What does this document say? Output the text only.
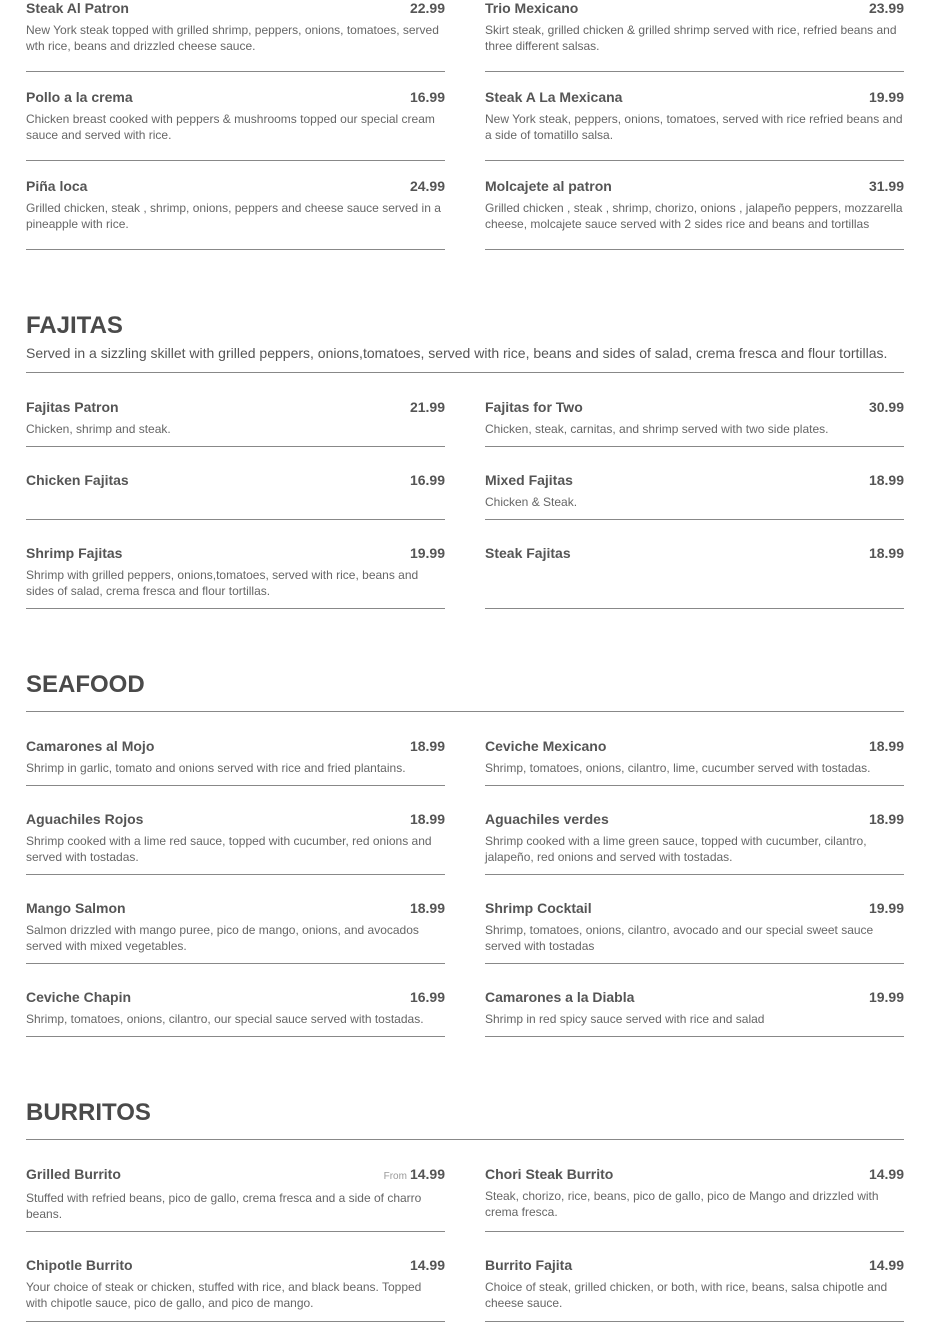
Steak Al Patron	22.99
New York steak topped with grilled shrimp, peppers, onions, tomatoes, served wth rice, beans and drizzled cheese sauce.
Trio Mexicano	23.99
Skirt steak, grilled chicken & grilled shrimp served with rice, refried beans and three different salsas.
Pollo a la crema	16.99
Chicken breast cooked with peppers & mushrooms topped our special cream sauce and served with rice.
Steak A La Mexicana	19.99
New York steak, peppers, onions, tomatoes, served with rice refried beans and a side of tomatillo salsa.
Piña loca	24.99
Grilled chicken, steak , shrimp, onions, peppers and cheese sauce served in a pineapple with rice.
Molcajete al patron	31.99
Grilled chicken , steak , shrimp, chorizo, onions , jalapeño peppers, mozzarella cheese, molcajete sauce served with 2 sides rice and beans and tortillas
FAJITAS
Served in a sizzling skillet with grilled peppers, onions,tomatoes, served with rice, beans and sides of salad, crema fresca and flour tortillas.
Fajitas Patron	21.99
Chicken, shrimp and steak.
Fajitas for Two	30.99
Chicken, steak, carnitas, and shrimp served with two side plates.
Chicken Fajitas	16.99	Mixed Fajitas	18.99
Chicken & Steak.
Shrimp Fajitas	19.99
Shrimp with grilled peppers, onions,tomatoes, served with rice, beans and sides of salad, crema fresca and flour tortillas.
Steak Fajitas	18.99
SEAFOOD
Camarones al Mojo	18.99
Shrimp in garlic, tomato and onions served with rice and fried plantains.
Ceviche Mexicano	18.99
Shrimp, tomatoes, onions, cilantro, lime, cucumber served with tostadas.
Aguachiles Rojos	18.99
Shrimp cooked with a lime red sauce, topped with cucumber, red onions and served with tostadas.
Aguachiles verdes	18.99
Shrimp cooked with a lime green sauce, topped with cucumber, cilantro, jalapeño, red onions and served with tostadas.
Mango Salmon	18.99
Salmon drizzled with mango puree, pico de mango, onions, and avocados served with mixed vegetables.
Shrimp Cocktail	19.99
Shrimp, tomatoes, onions, cilantro, avocado and our special sweet sauce served with tostadas
Ceviche Chapin	16.99
Shrimp, tomatoes, onions, cilantro, our special sauce served with tostadas.
Camarones a la Diabla	19.99
Shrimp in red spicy sauce served with rice and salad
BURRITOS
Grilled Burrito	From 14.99
Stuffed with refried beans, pico de gallo, crema fresca and a side of charro beans.
Chori Steak Burrito	14.99
Steak, chorizo, rice, beans, pico de gallo, pico de Mango and drizzled with crema fresca.
Chipotle Burrito	14.99
Your choice of steak or chicken, stuffed with rice, and black beans. Topped with chipotle sauce, pico de gallo, and pico de mango.
Burrito Fajita	14.99
Choice of steak, grilled chicken, or both, with rice, beans, salsa chipotle and cheese sauce.
